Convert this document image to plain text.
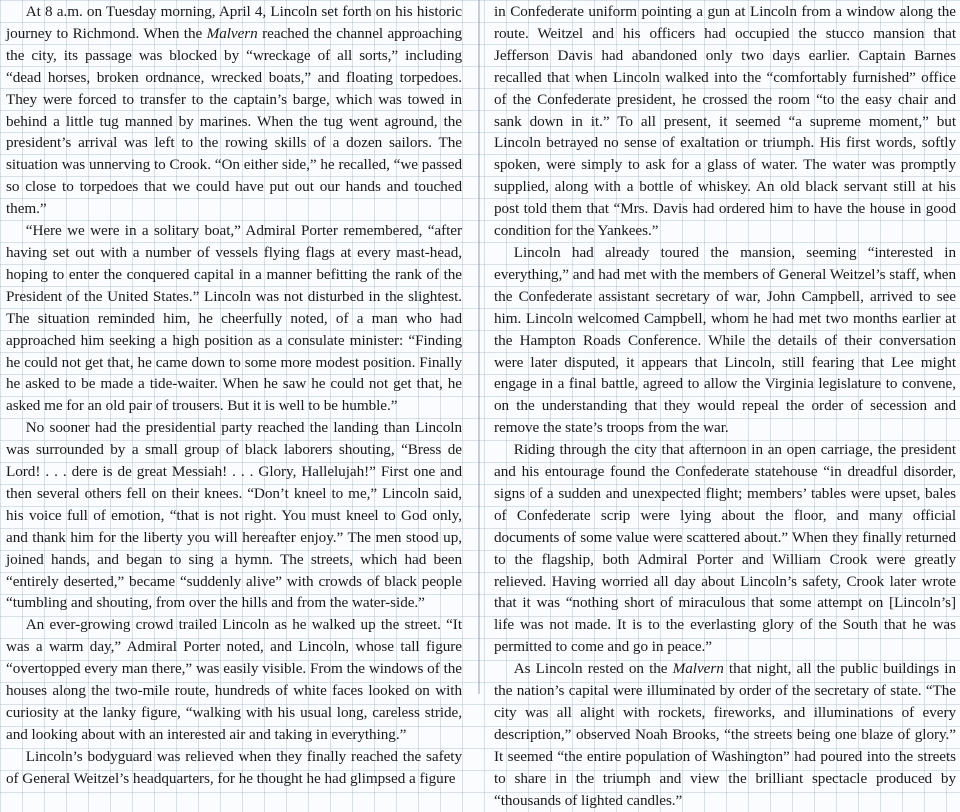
At 8 a.m. on Tuesday morning, April 4, Lincoln set forth on his historic journey to Richmond. When the Malvern reached the channel approaching the city, its passage was blocked by “wreckage of all sorts,” including “dead horses, broken ordnance, wrecked boats,” and floating torpedoes. They were forced to transfer to the captain’s barge, which was towed in behind a little tug manned by marines. When the tug went aground, the president’s arrival was left to the rowing skills of a dozen sailors. The situation was unnerving to Crook. “On either side,” he recalled, “we passed so close to torpedoes that we could have put out our hands and touched them.”

“Here we were in a solitary boat,” Admiral Porter remembered, “after having set out with a number of vessels flying flags at every mast-head, hoping to enter the conquered capital in a manner befitting the rank of the President of the United States.” Lincoln was not disturbed in the slightest. The situation reminded him, he cheerfully noted, of a man who had approached him seeking a high position as a consulate minister: “Finding he could not get that, he came down to some more modest position. Finally he asked to be made a tide-waiter. When he saw he could not get that, he asked me for an old pair of trousers. But it is well to be humble.”

No sooner had the presidential party reached the landing than Lincoln was surrounded by a small group of black laborers shouting, “Bress de Lord! . . . dere is de great Messiah! . . . Glory, Hallelujah!” First one and then several others fell on their knees. “Don’t kneel to me,” Lincoln said, his voice full of emotion, “that is not right. You must kneel to God only, and thank him for the liberty you will hereafter enjoy.” The men stood up, joined hands, and began to sing a hymn. The streets, which had been “entirely deserted,” became “suddenly alive” with crowds of black people “tumbling and shouting, from over the hills and from the water-side.”

An ever-growing crowd trailed Lincoln as he walked up the street. “It was a warm day,” Admiral Porter noted, and Lincoln, whose tall figure “overtopped every man there,” was easily visible. From the windows of the houses along the two-mile route, hundreds of white faces looked on with curiosity at the lanky figure, “walking with his usual long, careless stride, and looking about with an interested air and taking in everything.”

Lincoln’s bodyguard was relieved when they finally reached the safety of General Weitzel’s headquarters, for he thought he had glimpsed a figure

in Confederate uniform pointing a gun at Lincoln from a window along the route. Weitzel and his officers had occupied the stucco mansion that Jefferson Davis had abandoned only two days earlier. Captain Barnes recalled that when Lincoln walked into the “comfortably furnished” office of the Confederate president, he crossed the room “to the easy chair and sank down in it.” To all present, it seemed “a supreme moment,” but Lincoln betrayed no sense of exaltation or triumph. His first words, softly spoken, were simply to ask for a glass of water. The water was promptly supplied, along with a bottle of whiskey. An old black servant still at his post told them that “Mrs. Davis had ordered him to have the house in good condition for the Yankees.”

Lincoln had already toured the mansion, seeming “interested in everything,” and had met with the members of General Weitzel’s staff, when the Confederate assistant secretary of war, John Campbell, arrived to see him. Lincoln welcomed Campbell, whom he had met two months earlier at the Hampton Roads Conference. While the details of their conversation were later disputed, it appears that Lincoln, still fearing that Lee might engage in a final battle, agreed to allow the Virginia legislature to convene, on the understanding that they would repeal the order of secession and remove the state’s troops from the war.

Riding through the city that afternoon in an open carriage, the president and his entourage found the Confederate statehouse “in dreadful disorder, signs of a sudden and unexpected flight; members’ tables were upset, bales of Confederate scrip were lying about the floor, and many official documents of some value were scattered about.” When they finally returned to the flagship, both Admiral Porter and William Crook were greatly relieved. Having worried all day about Lincoln’s safety, Crook later wrote that it was “nothing short of miraculous that some attempt on [Lincoln’s] life was not made. It is to the everlasting glory of the South that he was permitted to come and go in peace.”

As Lincoln rested on the Malvern that night, all the public buildings in the nation’s capital were illuminated by order of the secretary of state. “The city was all alight with rockets, fireworks, and illuminations of every description,” observed Noah Brooks, “the streets being one blaze of glory.” It seemed “the entire population of Washington” had poured into the streets to share in the triumph and view the brilliant spectacle produced by “thousands of lighted candles.”
